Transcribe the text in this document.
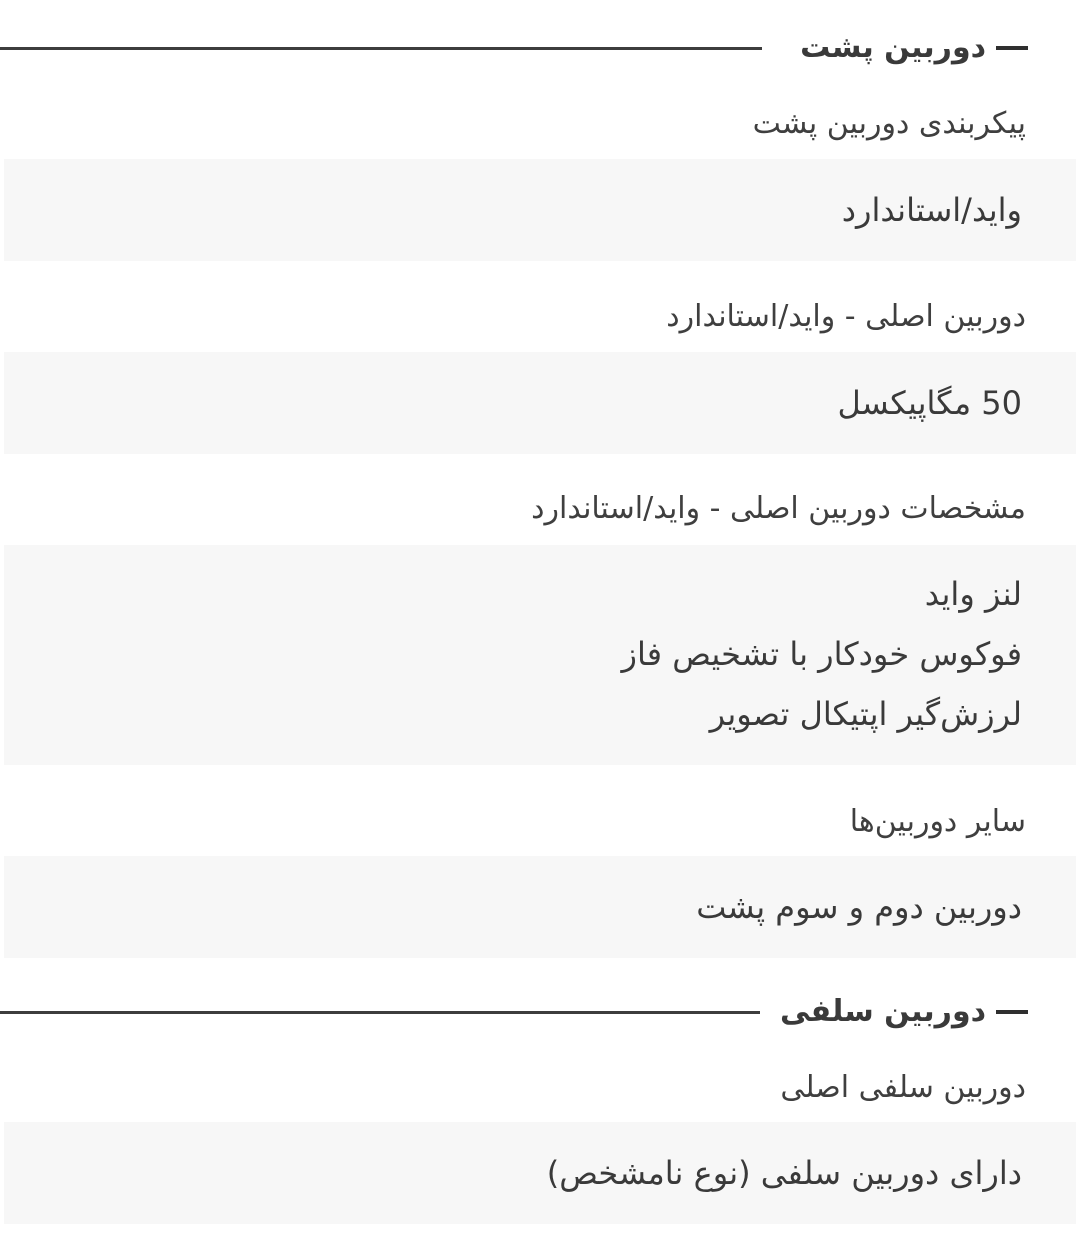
دوربین پشت
پیکربندی دوربین پشت
واید/استاندارد
دوربین اصلی - واید/استاندارد
50 مگاپیکسل
مشخصات دوربین اصلی - واید/استاندارد
لنز واید
فوکوس خودکار با تشخیص فاز
لرزش‌گیر اپتیکال تصویر
سایر دوربین‌ها
دوربین دوم و سوم پشت
دوربین سلفی
دوربین سلفی اصلی
دارای دوربین سلفی (نوع نامشخص)
